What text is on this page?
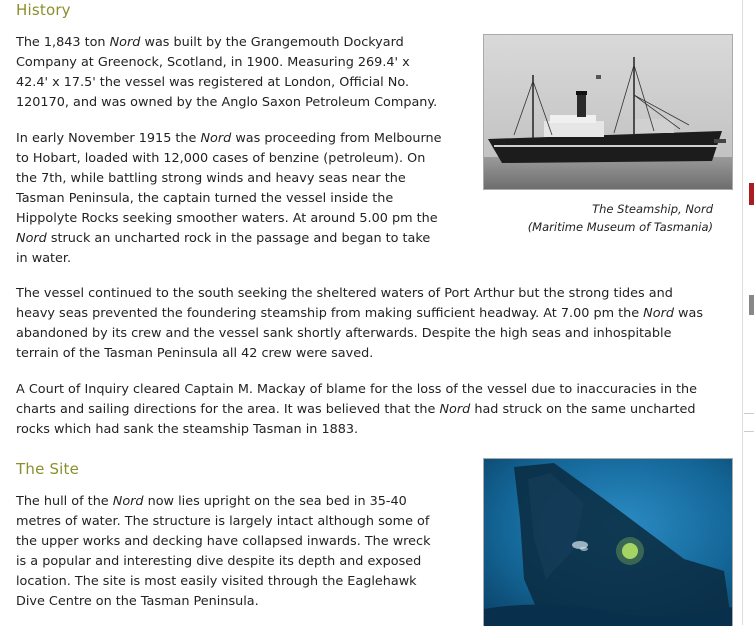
History
The 1,843 ton Nord was built by the Grangemouth Dockyard
Company at Greenock, Scotland, in 1900. Measuring 269.4' x
42.4' x 17.5' the vessel was registered at London, Official No.
120170, and was owned by the Anglo Saxon Petroleum Company.
In early November 1915 the Nord was proceeding from Melbourne
to Hobart, loaded with 12,000 cases of benzine (petroleum). On
the 7th, while battling strong winds and heavy seas near the
Tasman Peninsula, the captain turned the vessel inside the
Hippolyte Rocks seeking smoother waters. At around 5.00 pm the
Nord struck an uncharted rock in the passage and began to take
in water.
The vessel continued to the south seeking the sheltered waters of Port Arthur but the strong tides and
heavy seas prevented the foundering steamship from making sufficient headway. At 7.00 pm the Nord was
abandoned by its crew and the vessel sank shortly afterwards. Despite the high seas and inhospitable
terrain of the Tasman Peninsula all 42 crew were saved.
A Court of Inquiry cleared Captain M. Mackay of blame for the loss of the vessel due to inaccuracies in the
charts and sailing directions for the area. It was believed that the Nord had struck on the same uncharted
rocks which had sank the steamship Tasman in 1883.
The Steamship, Nord
(Maritime Museum of Tasmania)
The Site
The hull of the Nord now lies upright on the sea bed in 35-40
metres of water. The structure is largely intact although some of
the upper works and decking have collapsed inwards. The wreck
is a popular and interesting dive despite its depth and exposed
location. The site is most easily visited through the Eaglehawk
Dive Centre on the Tasman Peninsula.
